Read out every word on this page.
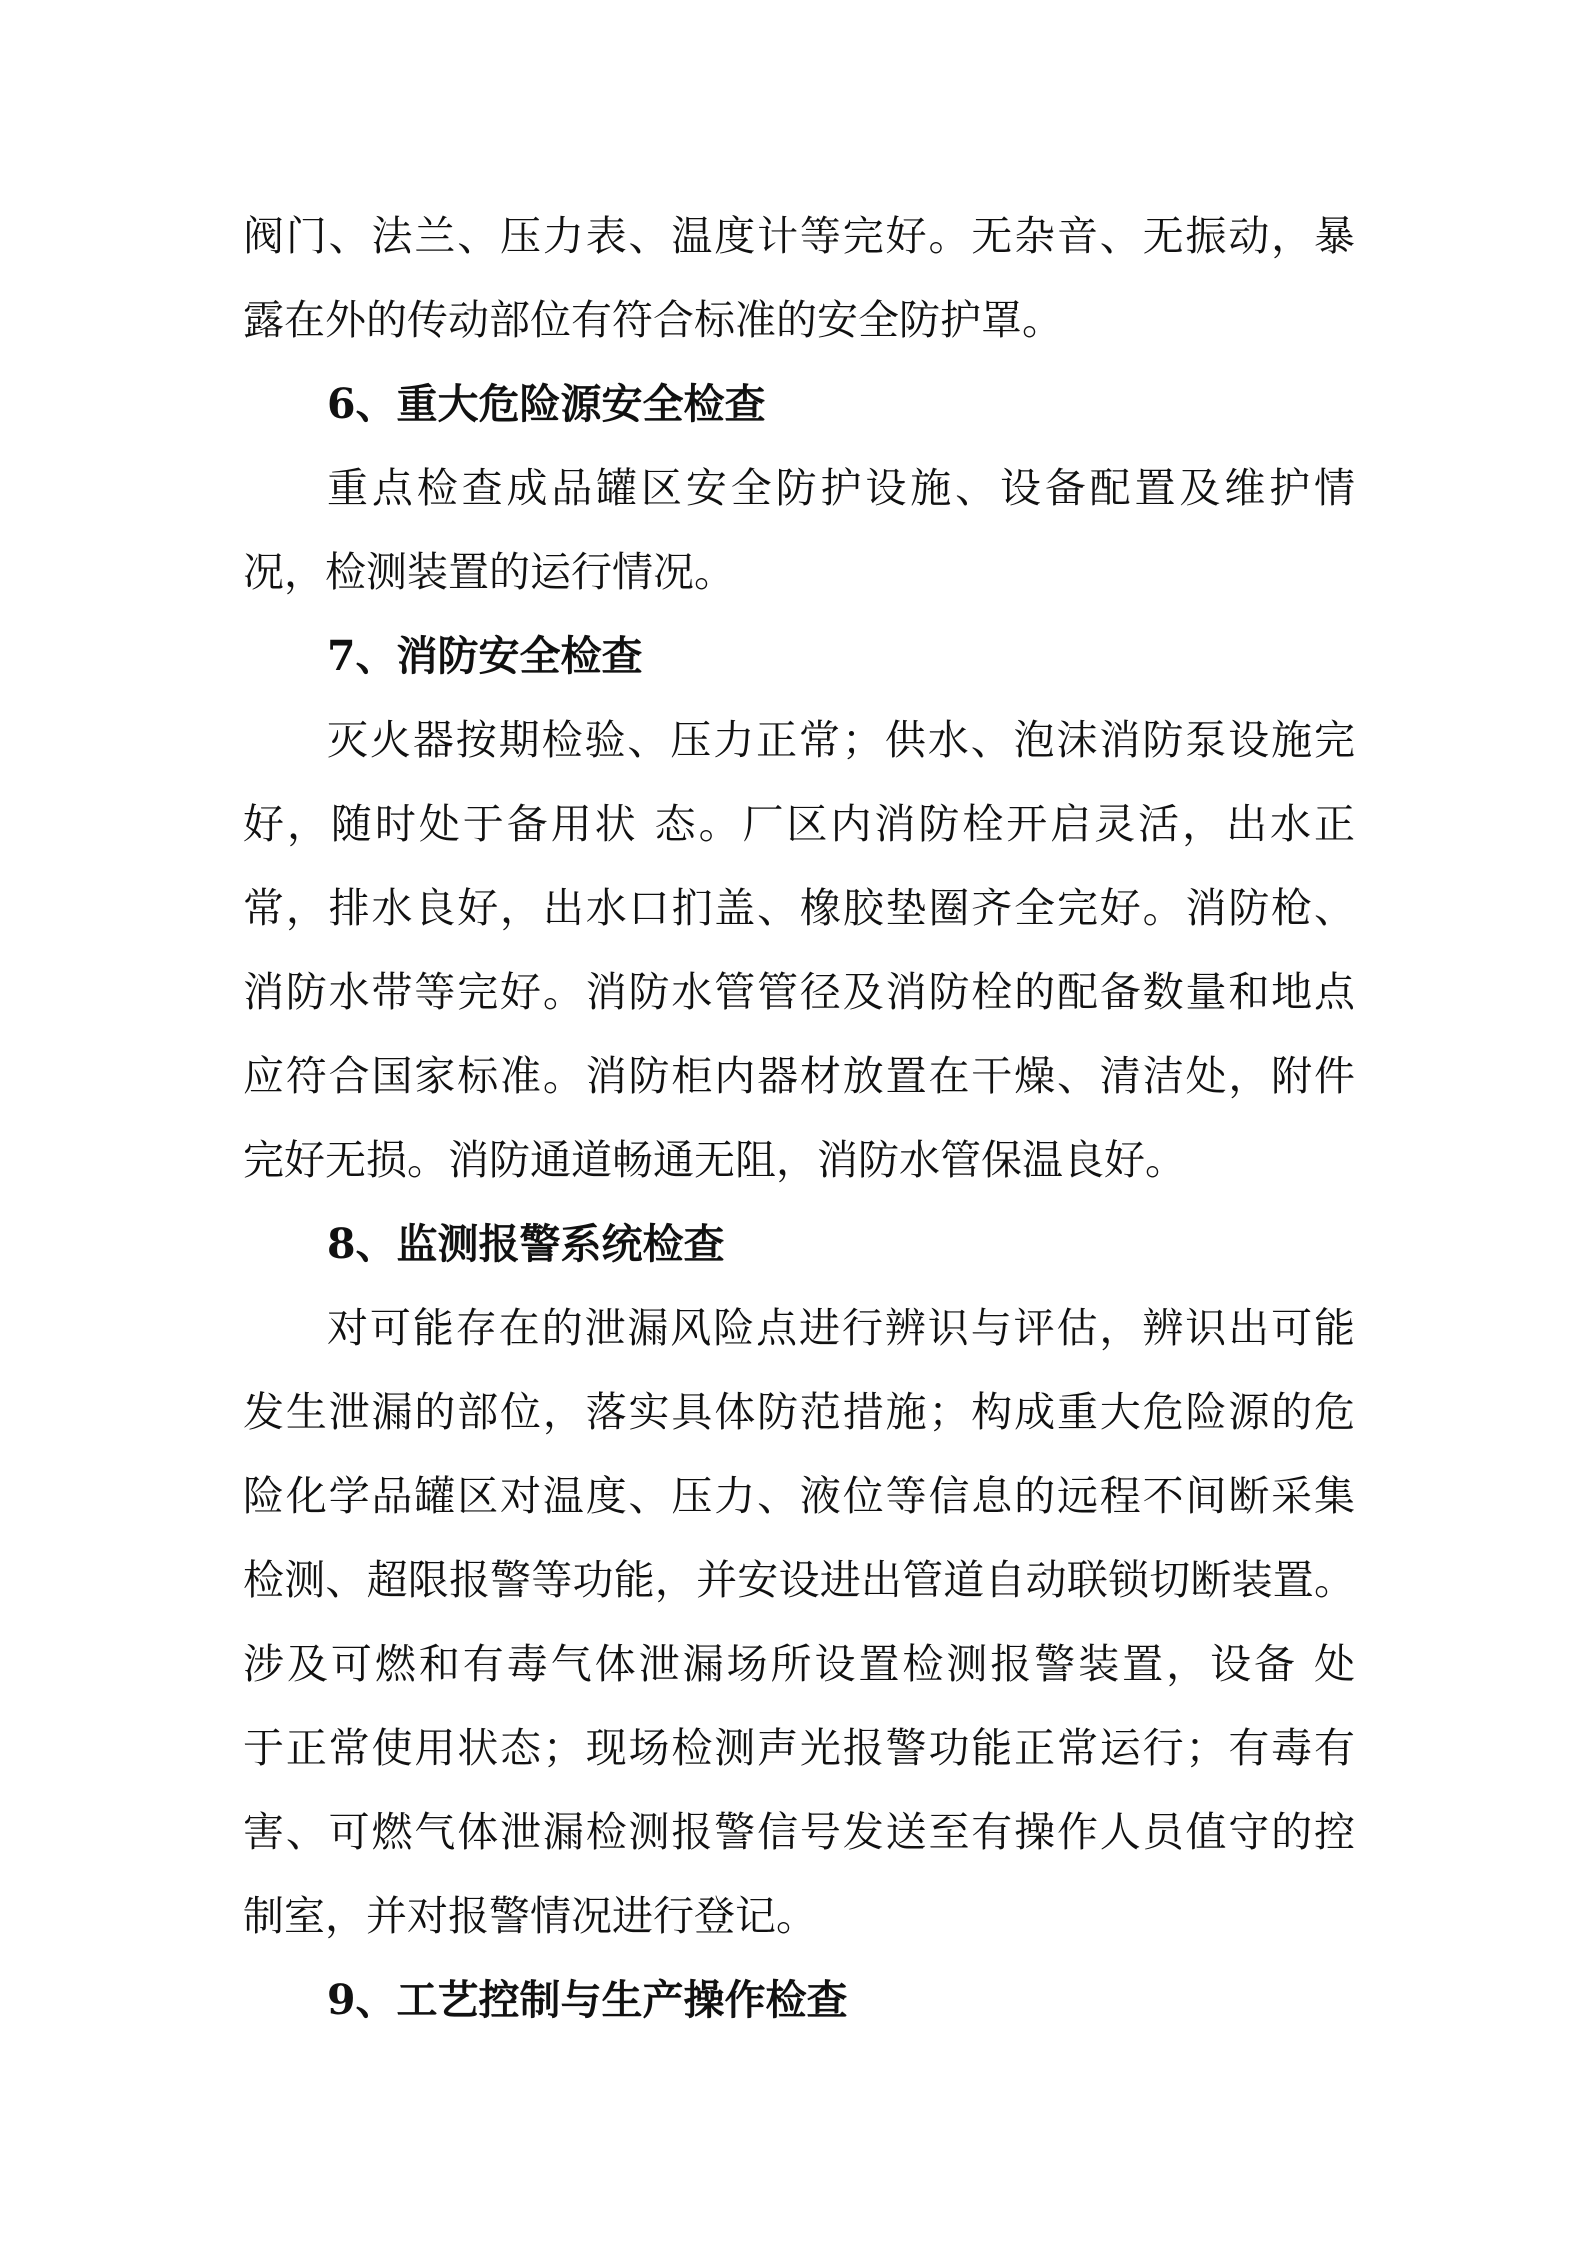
阀门、法兰、压力表、温度计等完好。无杂音、无振动，暴
露在外的传动部位有符合标准的安全防护罩。
6、重大危险源安全检查
重点检查成品罐区安全防护设施、设备配置及维护情
况，检测装置的运行情况。
7、消防安全检查
灭火器按期检验、压力正常；供水、泡沫消防泵设施完
好，随时处于备用状 态。厂区内消防栓开启灵活，出水正
常，排水良好，出水口扪盖、橡胶垫圈齐全完好。消防枪、
消防水带等完好。消防水管管径及消防栓的配备数量和地点
应符合国家标准。消防柜内器材放置在干燥、清洁处，附件
完好无损。消防通道畅通无阻，消防水管保温良好。
8、监测报警系统检查
对可能存在的泄漏风险点进行辨识与评估，辨识出可能
发生泄漏的部位，落实具体防范措施；构成重大危险源的危
险化学品罐区对温度、压力、液位等信息的远程不间断采集
检测、超限报警等功能，并安设进出管道自动联锁切断装置。
涉及可燃和有毒气体泄漏场所设置检测报警装置，设备 处
于正常使用状态；现场检测声光报警功能正常运行；有毒有
害、可燃气体泄漏检测报警信号发送至有操作人员值守的控
制室，并对报警情况进行登记。
9、工艺控制与生产操作检查
